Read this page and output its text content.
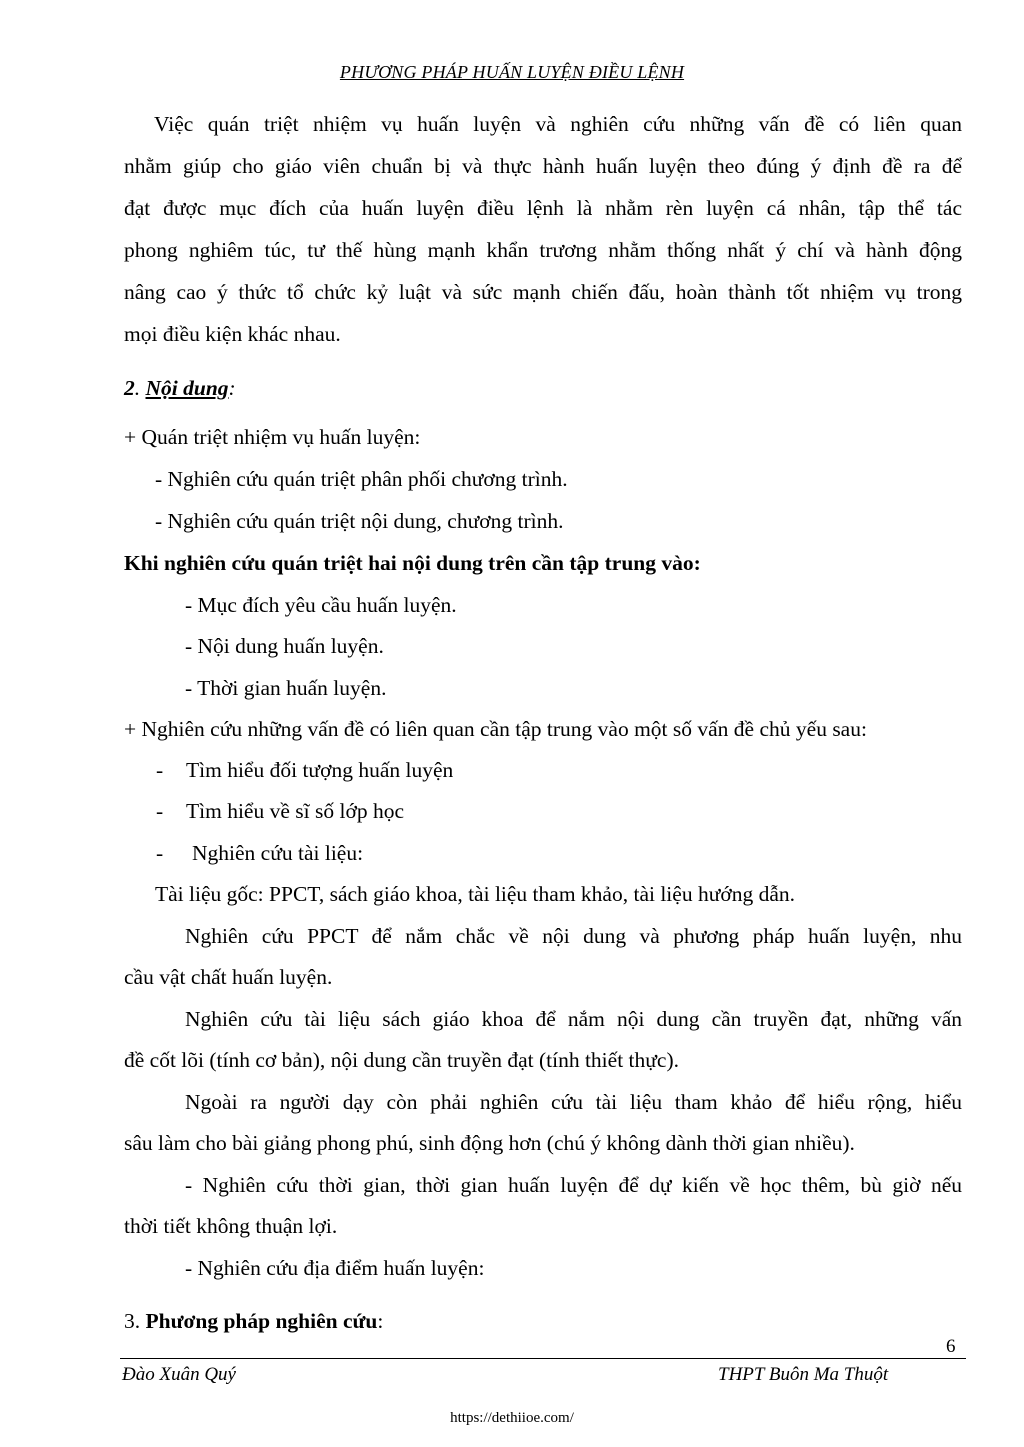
PHƯƠNG PHÁP HUẤN LUYỆN ĐIỀU LỆNH
Việc quán triệt nhiệm vụ huấn luyện và nghiên cứu những vấn đề có liên quan
nhằm giúp cho giáo viên chuẩn bị và thực hành huấn luyện theo đúng ý định đề ra để
đạt được mục đích của huấn luyện điều lệnh là nhằm rèn luyện cá nhân, tập thể tác
phong nghiêm túc, tư thế hùng mạnh khẩn trương nhằm thống nhất ý chí và hành động
nâng cao ý thức tổ chức kỷ luật và sức mạnh chiến đấu, hoàn thành tốt nhiệm vụ trong
mọi điều kiện khác nhau.
2. Nội dung:
+ Quán triệt nhiệm vụ huấn luyện:
- Nghiên cứu quán triệt phân phối chương trình.
- Nghiên cứu quán triệt nội dung, chương trình.
Khi nghiên cứu quán triệt hai nội dung trên cần tập trung vào:
- Mục đích yêu cầu huấn luyện.
- Nội dung huấn luyện.
- Thời gian huấn luyện.
+ Nghiên cứu những vấn đề có liên quan cần tập trung vào một số vấn đề chủ yếu sau:
- Tìm hiểu đối tượng huấn luyện
- Tìm hiểu về sĩ số lớp học
- Nghiên cứu tài liệu:
Tài liệu gốc: PPCT, sách giáo khoa, tài liệu tham khảo, tài liệu hướng dẫn.
Nghiên cứu PPCT để nắm chắc về nội dung và phương pháp huấn luyện, nhu
cầu vật chất huấn luyện.
Nghiên cứu tài liệu sách giáo khoa để nắm nội dung cần truyền đạt, những vấn
đề cốt lõi (tính cơ bản), nội dung cần truyền đạt (tính thiết thực).
Ngoài ra người dạy còn phải nghiên cứu tài liệu tham khảo để hiểu rộng, hiểu
sâu làm cho bài giảng phong phú, sinh động hơn (chú ý không dành thời gian nhiều).
- Nghiên cứu thời gian, thời gian huấn luyện để dự kiến về học thêm, bù giờ nếu
thời tiết không thuận lợi.
- Nghiên cứu địa điểm huấn luyện:
3. Phương pháp nghiên cứu:
6
Đào Xuân Quý	THPT Buôn Ma Thuột
https://dethiioe.com/
